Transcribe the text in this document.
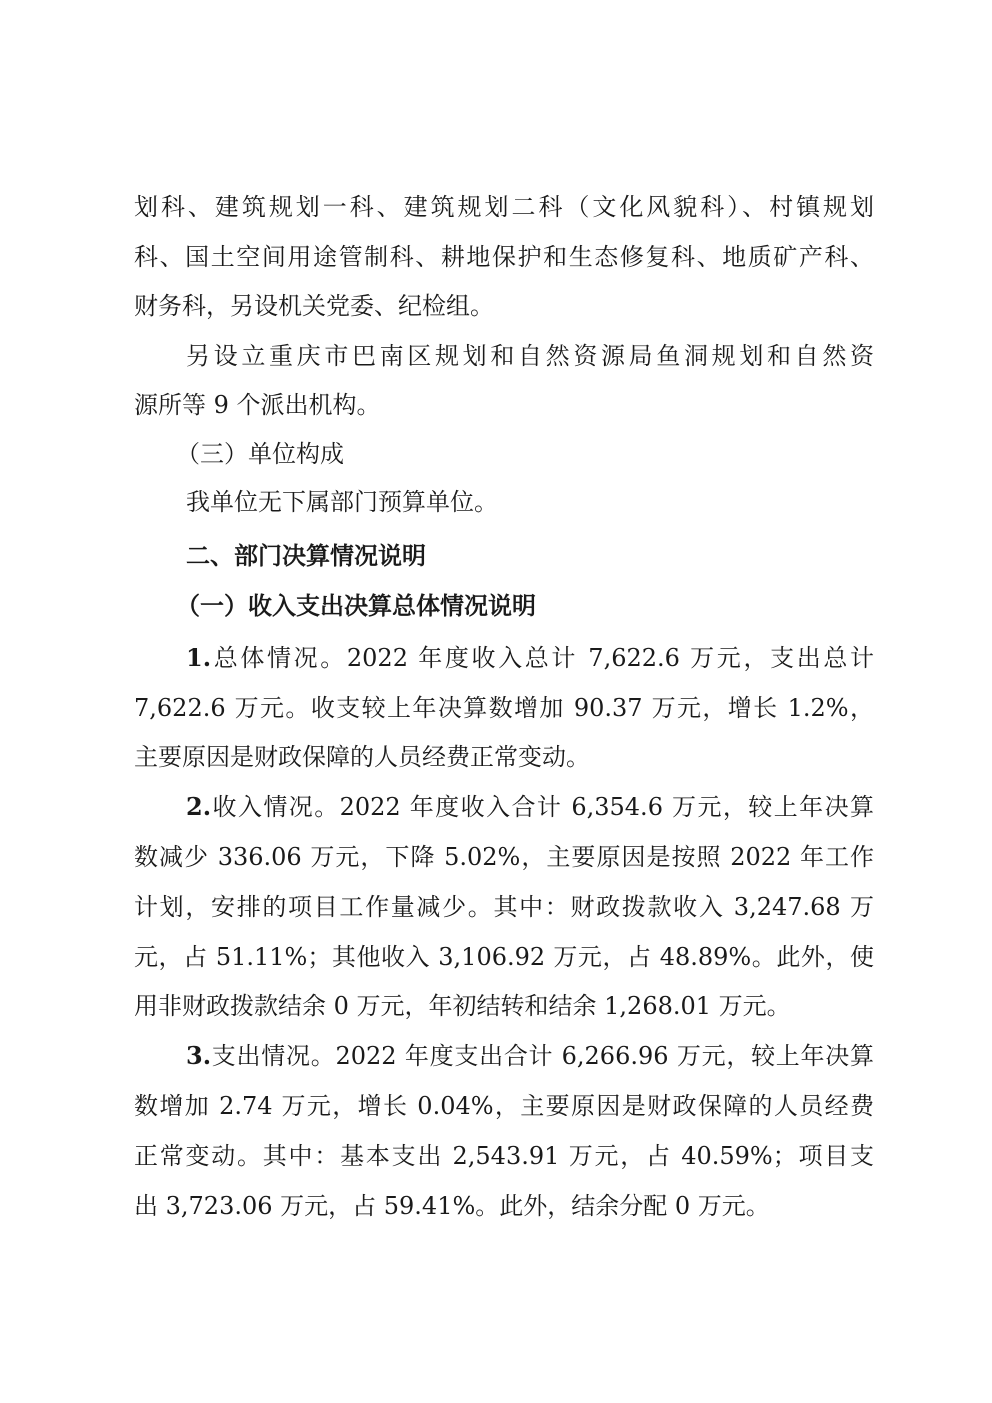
划科、建筑规划一科、建筑规划二科（文化风貌科）、村镇规划
科、国土空间用途管制科、耕地保护和生态修复科、地质矿产科、
财务科，另设机关党委、纪检组。
另设立重庆市巴南区规划和自然资源局鱼洞规划和自然资
源所等 9 个派出机构。
（三）单位构成
我单位无下属部门预算单位。
二、部门决算情况说明
（一）收入支出决算总体情况说明
1.总体情况。2022 年度收入总计 7,622.6 万元，支出总计
7,622.6 万元。收支较上年决算数增加 90.37 万元，增长 1.2%，
主要原因是财政保障的人员经费正常变动。
2.收入情况。2022 年度收入合计 6,354.6 万元，较上年决算
数减少 336.06 万元，下降 5.02%，主要原因是按照 2022 年工作
计划，安排的项目工作量减少。其中：财政拨款收入 3,247.68 万
元，占 51.11%；其他收入 3,106.92 万元，占 48.89%。此外，使
用非财政拨款结余 0 万元，年初结转和结余 1,268.01 万元。
3.支出情况。2022 年度支出合计 6,266.96 万元，较上年决算
数增加 2.74 万元，增长 0.04%，主要原因是财政保障的人员经费
正常变动。其中：基本支出 2,543.91 万元，占 40.59%；项目支
出 3,723.06 万元，占 59.41%。此外，结余分配 0 万元。
